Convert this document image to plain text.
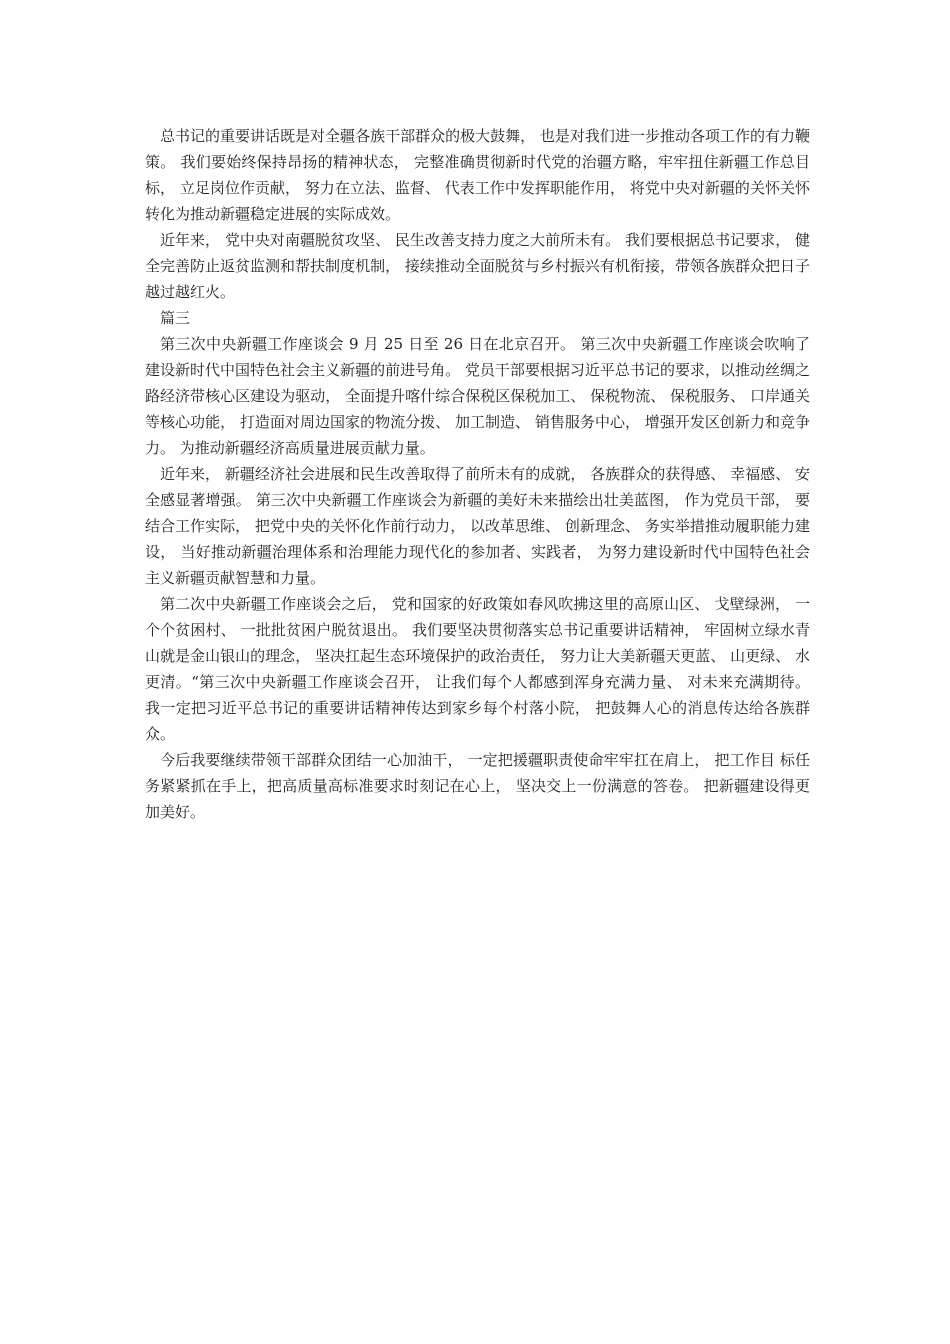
总书记的重要讲话既是对全疆各族干部群众的极大鼓舞， 也是对我们进一步推动各项工作的有力鞭策。 我们要始终保持昂扬的精神状态， 完整准确贯彻新时代党的治疆方略，牢牢扭住新疆工作总目 标， 立足岗位作贡献， 努力在立法、监督、 代表工作中发挥职能作用， 将党中央对新疆的关怀关怀转化为推动新疆稳定进展的实际成效。

近年来， 党中央对南疆脱贫攻坚、 民生改善支持力度之大前所未有。 我们要根据总书记要求， 健全完善防止返贫监测和帮扶制度机制， 接续推动全面脱贫与乡村振兴有机衔接，带领各族群众把日子越过越红火。

篇三

第三次中央新疆工作座谈会 9 月 25 日至 26 日在北京召开。 第三次中央新疆工作座谈会吹响了建设新时代中国特色社会主义新疆的前进号角。 党员干部要根据习近平总书记的要求，以推动丝绸之路经济带核心区建设为驱动， 全面提升喀什综合保税区保税加工、 保税物流、 保税服务、 口岸通关等核心功能， 打造面对周边国家的物流分拨、 加工制造、 销售服务中心， 增强开发区创新力和竞争力。 为推动新疆经济高质量进展贡献力量。

近年来， 新疆经济社会进展和民生改善取得了前所未有的成就， 各族群众的获得感、 幸福感、 安全感显著增强。 第三次中央新疆工作座谈会为新疆的美好未来描绘出壮美蓝图， 作为党员干部， 要结合工作实际， 把党中央的关怀化作前行动力， 以改革思维、 创新理念、 务实举措推动履职能力建设， 当好推动新疆治理体系和治理能力现代化的参加者、实践者， 为努力建设新时代中国特色社会主义新疆贡献智慧和力量。

第二次中央新疆工作座谈会之后， 党和国家的好政策如春风吹拂这里的高原山区、 戈壁绿洲， 一个个贫困村、 一批批贫困户脱贫退出。 我们要坚决贯彻落实总书记重要讲话精神， 牢固树立绿水青山就是金山银山的理念， 坚决扛起生态环境保护的政治责任， 努力让大美新疆天更蓝、 山更绿、 水更清。“第三次中央新疆工作座谈会召开， 让我们每个人都感到浑身充满力量、 对未来充满期待。 我一定把习近平总书记的重要讲话精神传达到家乡每个村落小院， 把鼓舞人心的消息传达给各族群众。

今后我要继续带领干部群众团结一心加油干， 一定把援疆职责使命牢牢扛在肩上， 把工作目 标任务紧紧抓在手上，把高质量高标准要求时刻记在心上， 坚决交上一份满意的答卷。 把新疆建设得更加美好。
